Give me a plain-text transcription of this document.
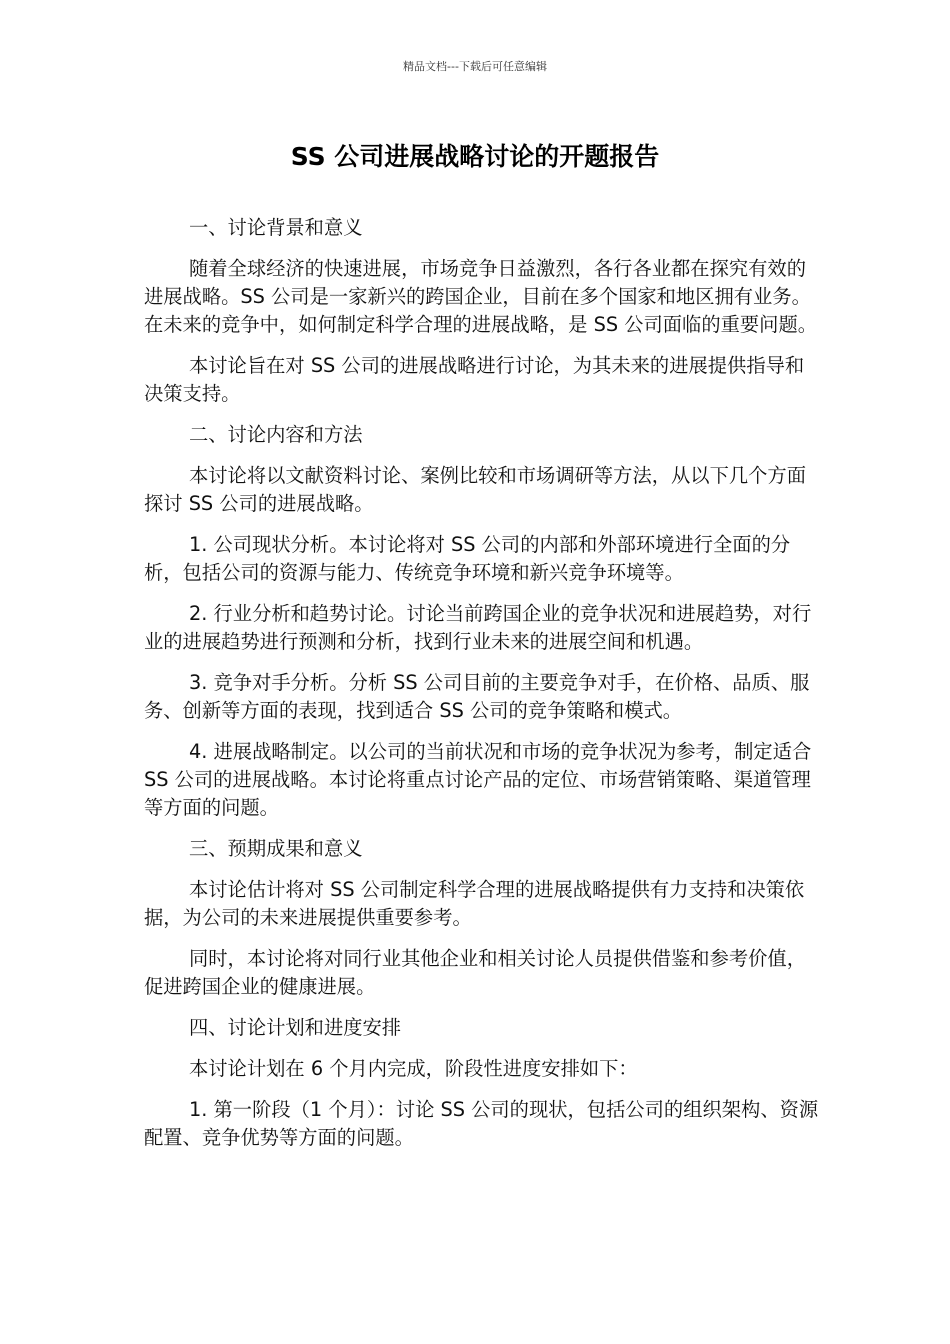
精品文档---下载后可任意编辑
SS 公司进展战略讨论的开题报告

一、讨论背景和意义

随着全球经济的快速进展，市场竞争日益激烈，各行各业都在探究有效的进展战略。SS 公司是一家新兴的跨国企业，目前在多个国家和地区拥有业务。在未来的竞争中，如何制定科学合理的进展战略，是 SS 公司面临的重要问题。

本讨论旨在对 SS 公司的进展战略进行讨论，为其未来的进展提供指导和决策支持。

二、讨论内容和方法

本讨论将以文献资料讨论、案例比较和市场调研等方法，从以下几个方面探讨 SS 公司的进展战略。

1. 公司现状分析。本讨论将对 SS 公司的内部和外部环境进行全面的分析，包括公司的资源与能力、传统竞争环境和新兴竞争环境等。

2. 行业分析和趋势讨论。讨论当前跨国企业的竞争状况和进展趋势，对行业的进展趋势进行预测和分析，找到行业未来的进展空间和机遇。

3. 竞争对手分析。分析 SS 公司目前的主要竞争对手，在价格、品质、服务、创新等方面的表现，找到适合 SS 公司的竞争策略和模式。

4. 进展战略制定。以公司的当前状况和市场的竞争状况为参考，制定适合 SS 公司的进展战略。本讨论将重点讨论产品的定位、市场营销策略、渠道管理等方面的问题。

三、预期成果和意义

本讨论估计将对 SS 公司制定科学合理的进展战略提供有力支持和决策依据，为公司的未来进展提供重要参考。

同时，本讨论将对同行业其他企业和相关讨论人员提供借鉴和参考价值，促进跨国企业的健康进展。

四、讨论计划和进度安排

本讨论计划在 6 个月内完成，阶段性进度安排如下：

1. 第一阶段（1 个月）：讨论 SS 公司的现状，包括公司的组织架构、资源配置、竞争优势等方面的问题。
